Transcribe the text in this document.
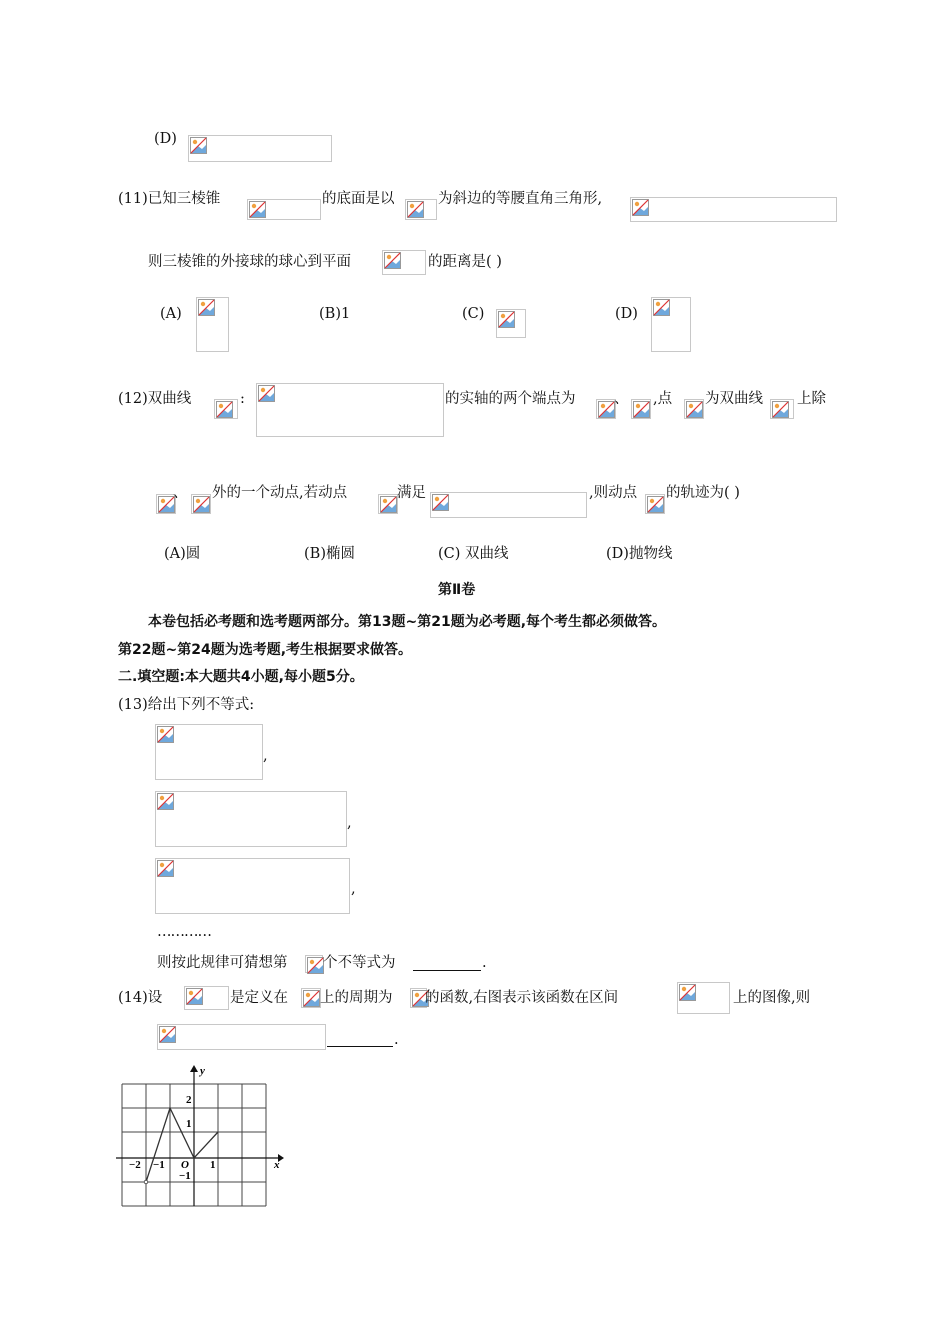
(D)
(11)已知三棱锥	的底面是以	为斜边的等腰直角三角形,
则三棱锥的外接球的球心到平面	的距离是( )
(A)	(B)1	(C)	(D)
(12)双曲线	:	的实轴的两个端点为	、 ,点 为双曲线 上除
、 外的一个动点,若动点	满足	,则动点 的轨迹为( )
(A)圆	(B)椭圆	(C) 双曲线	(D)抛物线
第Ⅱ卷
本卷包括必考题和选考题两部分。第13题~第21题为必考题,每个考生都必须做答。
第22题~第24题为选考题,考生根据要求做答。
二.填空题:本大题共4小题,每小题5分。
(13)给出下列不等式:
,
,
,
…………
则按此规律可猜想第 个不等式为	.
(14)设	是定义在 上的周期为 的函数,右图表示该函数在区间	上的图像,则
.
y
x
2
1
−1
−2 −1 O 1
